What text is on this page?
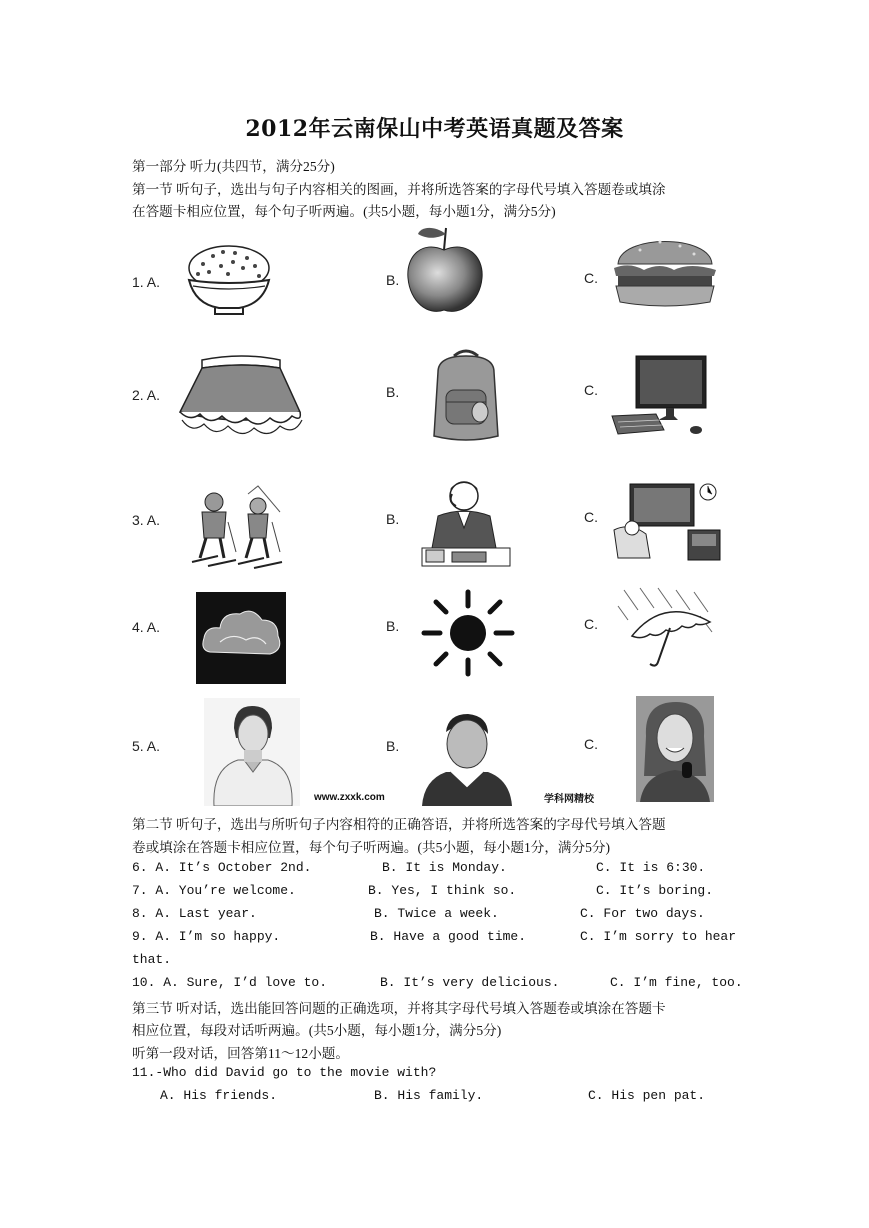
2012年云南保山中考英语真题及答案
第一部分 听力(共四节，满分25分)
第一节 听句子，选出与句子内容相关的图画，并将所选答案的字母代号填入答题卷或填涂
在答题卡相应位置，每个句子听两遍。(共5小题，每小题1分，满分5分)
1. A.	B.	C.
2. A.	B.	C.
3. A.	B.	C.
4. A.	B.	C.
5. A.	B.	C.
www.zxxk.com	学科网精校
第二节 听句子，选出与所听句子内容相符的正确答语，并将所选答案的字母代号填入答题
卷或填涂在答题卡相应位置，每个句子听两遍。(共5小题，每小题1分，满分5分)
6. A. It’s October 2nd.	B. It is Monday.	C. It is 6:30.
7. A. You’re welcome.	B. Yes, I think so.	C. It’s boring.
8. A. Last year.	B. Twice a week.	C. For two days.
9. A. I’m so happy.	B. Have a good time.	C. I’m sorry to hear
that.
10. A. Sure, I’d love to.	B. It’s very delicious.	C. I’m fine, too.
第三节 听对话，选出能回答问题的正确选项，并将其字母代号填入答题卷或填涂在答题卡
相应位置，每段对话听两遍。(共5小题，每小题1分，满分5分)
听第一段对话，回答第11～12小题。
11.-Who did David go to the movie with?
A. His friends.	B. His family.	C. His pen pat.
